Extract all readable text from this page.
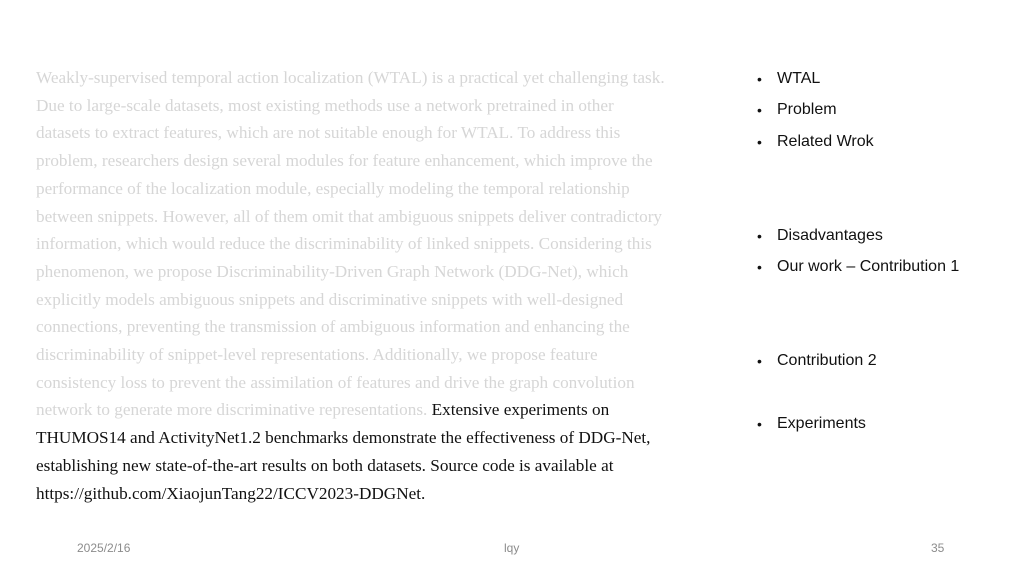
Weakly-supervised temporal action localization (WTAL) is a practical yet challenging task.
Due to large-scale datasets, most existing methods use a network pretrained in other
datasets to extract features, which are not suitable enough for WTAL. To address this
problem, researchers design several modules for feature enhancement, which improve the
performance of the localization module, especially modeling the temporal relationship
between snippets. However, all of them omit that ambiguous snippets deliver contradictory
information, which would reduce the discriminability of linked snippets. Considering this
phenomenon, we propose Discriminability-Driven Graph Network (DDG-Net), which
explicitly models ambiguous snippets and discriminative snippets with well-designed
connections, preventing the transmission of ambiguous information and enhancing the
discriminability of snippet-level representations. Additionally, we propose feature
consistency loss to prevent the assimilation of features and drive the graph convolution
network to generate more discriminative representations. Extensive experiments on
THUMOS14 and ActivityNet1.2 benchmarks demonstrate the effectiveness of DDG-Net,
establishing new state-of-the-art results on both datasets. Source code is available at
https://github.com/XiaojunTang22/ICCV2023-DDGNet.
• WTAL
• Problem
• Related Wrok
• Disadvantages
• Our work – Contribution 1
• Contribution 2
• Experiments
2025/2/16	lqy	35
